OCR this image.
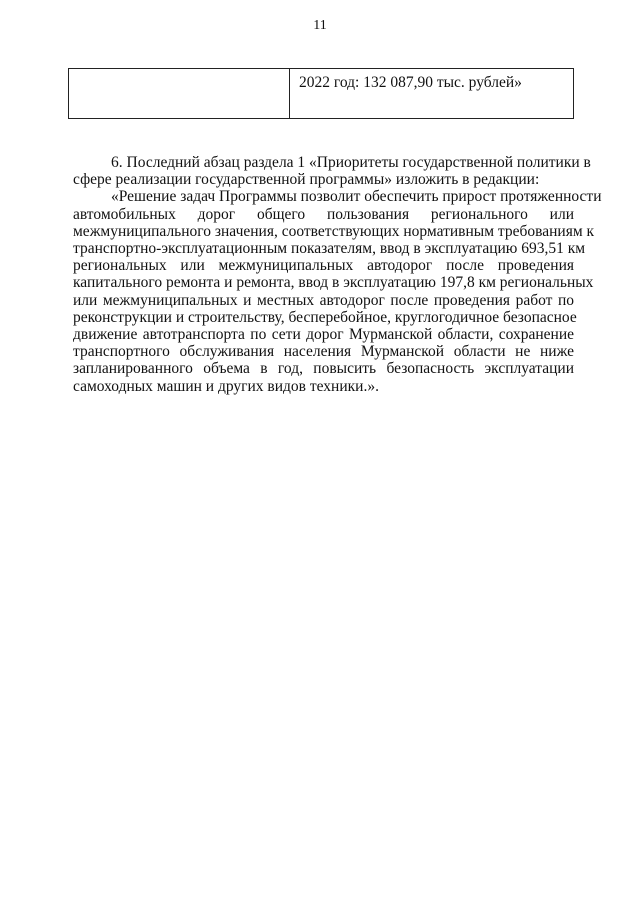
11
2022 год: 132 087,90 тыс. рублей»
6. Последний абзац раздела 1 «Приоритеты государственной политики в
сфере реализации государственной программы» изложить в редакции:
«Решение задач Программы позволит обеспечить прирост протяженности
автомобильных дорог общего пользования регионального или
межмуниципального значения, соответствующих нормативным требованиям к
транспортно-эксплуатационным показателям, ввод в эксплуатацию 693,51 км
региональных или межмуниципальных автодорог после проведения
капитального ремонта и ремонта, ввод в эксплуатацию 197,8 км региональных
или межмуниципальных и местных автодорог после проведения работ по
реконструкции и строительству, бесперебойное, круглогодичное безопасное
движение автотранспорта по сети дорог Мурманской области, сохранение
транспортного обслуживания населения Мурманской области не ниже
запланированного объема в год, повысить безопасность эксплуатации
самоходных машин и других видов техники.».
